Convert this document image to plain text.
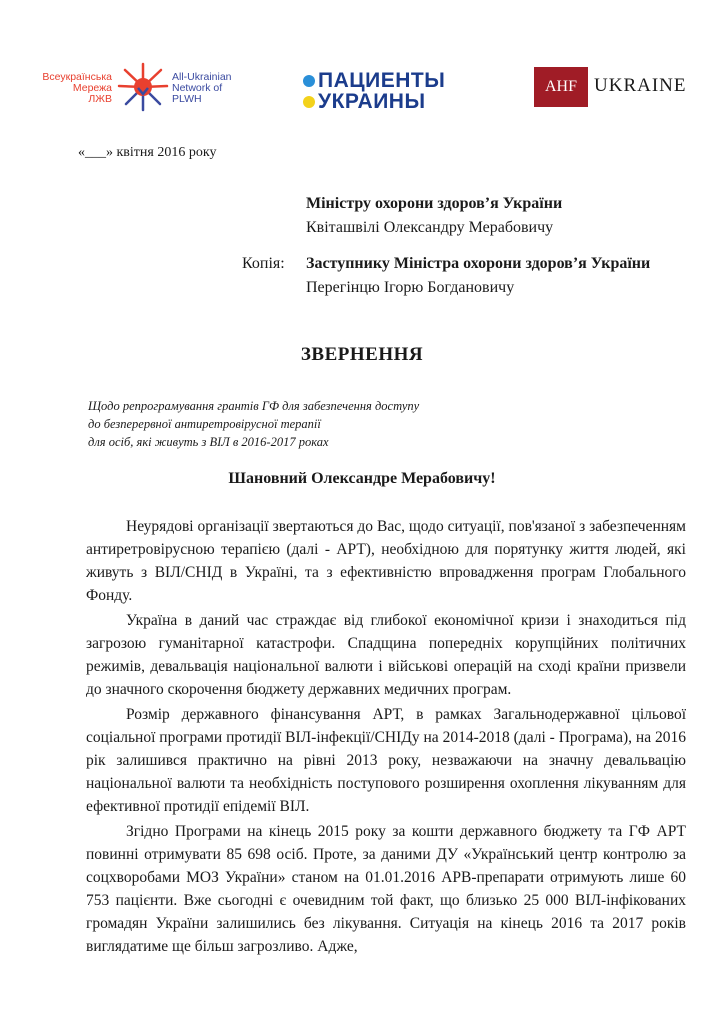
Всеукраїнська
Мережа
ЛЖВ
All-Ukrainian
Network of
PLWH
ПАЦИЕНТЫ
УКРАИНЫ
AHF UKRAINE
«___» квітня 2016 року
Міністру охорони здоров’я України
Квіташвілі Олександру Мерабовичу
Копія: Заступнику Міністра охорони здоров’я України
Перегінцю Ігорю Богдановичу
ЗВЕРНЕННЯ
Щодо репрограмування грантів ГФ для забезпечення доступу
до безперервної антиретровірусної терапії
для осіб, які живуть з ВІЛ в 2016-2017 роках
Шановний Олександре Мерабовичу!

Неурядові організації звертаються до Вас, щодо ситуації, пов'язаної з забезпеченням антиретровірусною терапією (далі - АРТ), необхідною для порятунку життя людей, які живуть з ВІЛ/СНІД в Україні, та з ефективністю впровадження програм Глобального Фонду.

Україна в даний час страждає від глибокої економічної кризи і знаходиться під загрозою гуманітарної катастрофи. Спадщина попередніх корупційних політичних режимів, девальвація національної валюти і військові операцій на сході країни призвели до значного скорочення бюджету державних медичних програм.

Розмір державного фінансування АРТ, в рамках Загальнодержавної цільової соціальної програми протидії ВІЛ-інфекції/СНІДу на 2014-2018 (далі - Програма), на 2016 рік залишився практично на рівні 2013 року, незважаючи на значну девальвацію національної валюти та необхідність поступового розширення охоплення лікуванням для ефективної протидії епідемії ВІЛ.

Згідно Програми на кінець 2015 року за кошти державного бюджету та ГФ АРТ повинні отримувати 85 698 осіб. Проте, за даними ДУ «Український центр контролю за соцхворобами МОЗ України» станом на 01.01.2016 АРВ-препарати отримують лише 60 753 пацієнти. Вже сьогодні є очевидним той факт, що близько 25 000 ВІЛ-інфікованих громадян України залишились без лікування. Ситуація на кінець 2016 та 2017 років виглядатиме ще більш загрозливо. Адже,
